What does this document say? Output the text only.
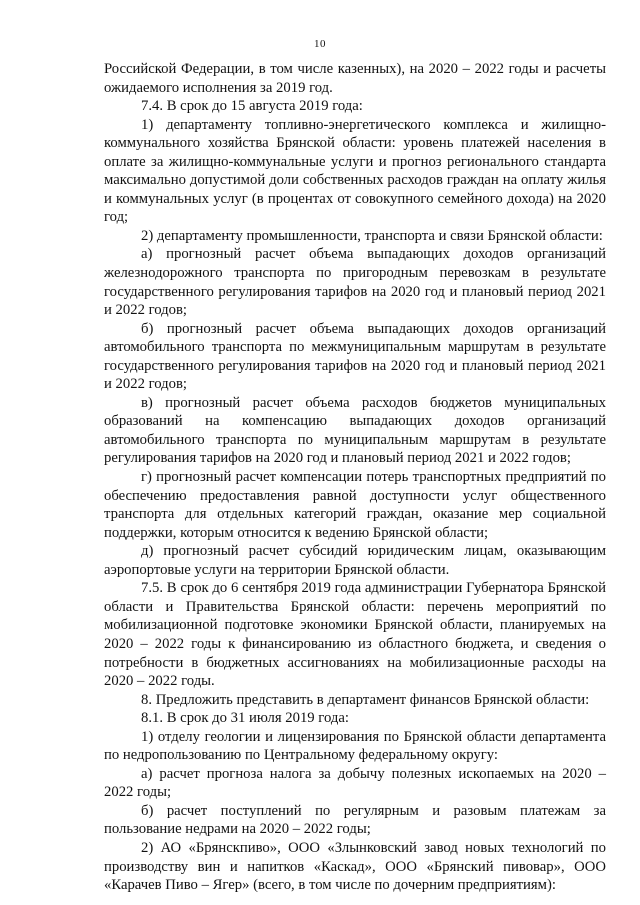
10

Российской Федерации, в том числе казенных), на 2020 – 2022 годы и расчеты ожидаемого исполнения за 2019 год.

7.4. В срок до 15 августа 2019 года:

1) департаменту топливно-энергетического комплекса и жилищно-коммунального хозяйства Брянской области: уровень платежей населения в оплате за жилищно-коммунальные услуги и прогноз регионального стандарта максимально допустимой доли собственных расходов граждан на оплату жилья и коммунальных услуг (в процентах от совокупного семейного дохода) на 2020 год;

2) департаменту промышленности, транспорта и связи Брянской области:

а) прогнозный расчет объема выпадающих доходов организаций железнодорожного транспорта по пригородным перевозкам в результате государственного регулирования тарифов на 2020 год и плановый период 2021 и 2022 годов;

б) прогнозный расчет объема выпадающих доходов организаций автомобильного транспорта по межмуниципальным маршрутам в результате государственного регулирования тарифов на 2020 год и плановый период 2021 и 2022 годов;

в) прогнозный расчет объема расходов бюджетов муниципальных образований на компенсацию выпадающих доходов организаций автомобильного транспорта по муниципальным маршрутам в результате регулирования тарифов на 2020 год и плановый период 2021 и 2022 годов;

г) прогнозный расчет компенсации потерь транспортных предприятий по обеспечению предоставления равной доступности услуг общественного транспорта для отдельных категорий граждан, оказание мер социальной поддержки, которым относится к ведению Брянской области;

д) прогнозный расчет субсидий юридическим лицам, оказывающим аэропортовые услуги на территории Брянской области.

7.5. В срок до 6 сентября 2019 года администрации Губернатора Брянской области и Правительства Брянской области: перечень мероприятий по мобилизационной подготовке экономики Брянской области, планируемых на 2020 – 2022 годы к финансированию из областного бюджета, и сведения о потребности в бюджетных ассигнованиях на мобилизационные расходы на 2020 – 2022 годы.

8. Предложить представить в департамент финансов Брянской области:

8.1. В срок до 31 июля 2019 года:

1) отделу геологии и лицензирования по Брянской области департамента по недропользованию по Центральному федеральному округу:

а) расчет прогноза налога за добычу полезных ископаемых на 2020 – 2022 годы;

б) расчет поступлений по регулярным и разовым платежам за пользование недрами на 2020 – 2022 годы;

2) АО «Брянскпиво», ООО «Злынковский завод новых технологий по производству вин и напитков «Каскад», ООО «Брянский пивовар», ООО «Карачев Пиво – Ягер» (всего, в том числе по дочерним предприятиям):
